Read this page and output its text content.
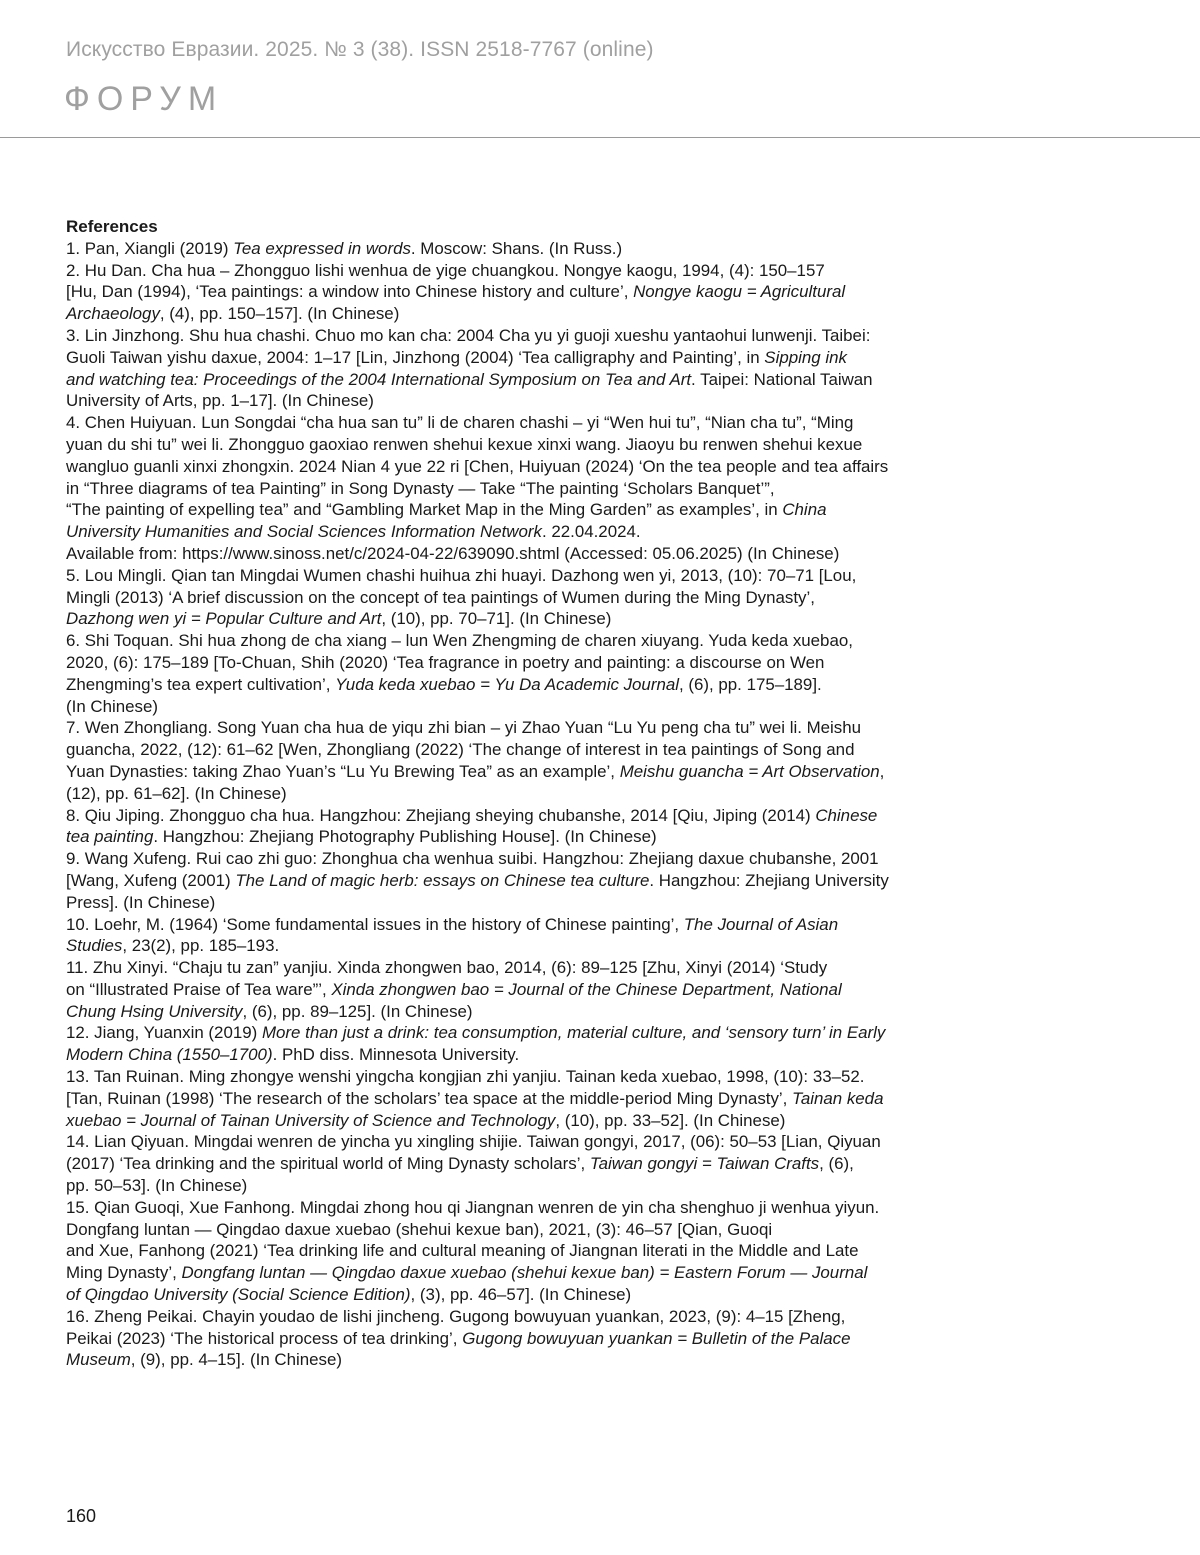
Искусство Евразии. 2025. № 3 (38). ISSN 2518-7767 (online)
ФОРУМ

References

1. Pan, Xiangli (2019) Tea expressed in words. Moscow: Shans. (In Russ.)

2. Hu Dan. Cha hua – Zhongguo lishi wenhua de yige chuangkou. Nongye kaogu, 1994, (4): 150–157
[Hu, Dan (1994), ‘Tea paintings: a window into Chinese history and culture’, Nongye kaogu = Agricultural
Archaeology, (4), pp. 150–157]. (In Chinese)

3. Lin Jinzhong. Shu hua chashi. Chuo mo kan cha: 2004 Cha yu yi guoji xueshu yantaohui lunwenji. Taibei:
Guoli Taiwan yishu daxue, 2004: 1–17 [Lin, Jinzhong (2004) ‘Tea calligraphy and Painting’, in Sipping ink
and watching tea: Proceedings of the 2004 International Symposium on Tea and Art. Taipei: National Taiwan
University of Arts, pp. 1–17]. (In Chinese)

4. Chen Huiyuan. Lun Songdai “cha hua san tu” li de charen chashi – yi “Wen hui tu”, “Nian cha tu”, “Ming
yuan du shi tu” wei li. Zhongguo gaoxiao renwen shehui kexue xinxi wang. Jiaoyu bu renwen shehui kexue
wangluo guanli xinxi zhongxin. 2024 Nian 4 yue 22 ri [Chen, Huiyuan (2024) ‘On the tea people and tea affairs
in “Three diagrams of tea Painting” in Song Dynasty — Take “The painting ‘Scholars Banquet’”,
“The painting of expelling tea” and “Gambling Market Map in the Ming Garden” as examples’, in China
University Humanities and Social Sciences Information Network. 22.04.2024.
Available from: https://www.sinoss.net/c/2024-04-22/639090.shtml (Accessed: 05.06.2025) (In Chinese)

5. Lou Mingli. Qian tan Mingdai Wumen chashi huihua zhi huayi. Dazhong wen yi, 2013, (10): 70–71 [Lou,
Mingli (2013) ‘A brief discussion on the concept of tea paintings of Wumen during the Ming Dynasty’,
Dazhong wen yi = Popular Culture and Art, (10), pp. 70–71]. (In Chinese)

6. Shi Toquan. Shi hua zhong de cha xiang – lun Wen Zhengming de charen xiuyang. Yuda keda xuebao,
2020, (6): 175–189 [To-Chuan, Shih (2020) ‘Tea fragrance in poetry and painting: a discourse on Wen
Zhengming’s tea expert cultivation’, Yuda keda xuebao = Yu Da Academic Journal, (6), pp. 175–189].
(In Chinese)

7. Wen Zhongliang. Song Yuan cha hua de yiqu zhi bian – yi Zhao Yuan “Lu Yu peng cha tu” wei li. Meishu
guancha, 2022, (12): 61–62 [Wen, Zhongliang (2022) ‘The change of interest in tea paintings of Song and
Yuan Dynasties: taking Zhao Yuan’s “Lu Yu Brewing Tea” as an example’, Meishu guancha = Art Observation,
(12), pp. 61–62]. (In Chinese)

8. Qiu Jiping. Zhongguo cha hua. Hangzhou: Zhejiang sheying chubanshe, 2014 [Qiu, Jiping (2014) Chinese
tea painting. Hangzhou: Zhejiang Photography Publishing House]. (In Chinese)

9. Wang Xufeng. Rui cao zhi guo: Zhonghua cha wenhua suibi. Hangzhou: Zhejiang daxue chubanshe, 2001
[Wang, Xufeng (2001) The Land of magic herb: essays on Chinese tea culture. Hangzhou: Zhejiang University
Press]. (In Chinese)

10. Loehr, M. (1964) ‘Some fundamental issues in the history of Chinese painting’, The Journal of Asian
Studies, 23(2), pp. 185–193.

11. Zhu Xinyi. “Chaju tu zan” yanjiu. Xinda zhongwen bao, 2014, (6): 89–125 [Zhu, Xinyi (2014) ‘Study
on “Illustrated Praise of Tea ware”’, Xinda zhongwen bao = Journal of the Chinese Department, National
Chung Hsing University, (6), pp. 89–125]. (In Chinese)

12. Jiang, Yuanxin (2019) More than just a drink: tea consumption, material culture, and ‘sensory turn’ in Early
Modern China (1550–1700). PhD diss. Minnesota University.

13. Tan Ruinan. Ming zhongye wenshi yingcha kongjian zhi yanjiu. Tainan keda xuebao, 1998, (10): 33–52.
[Tan, Ruinan (1998) ‘The research of the scholars’ tea space at the middle-period Ming Dynasty’, Tainan keda
xuebao = Journal of Tainan University of Science and Technology, (10), pp. 33–52]. (In Chinese)

14. Lian Qiyuan. Mingdai wenren de yincha yu xingling shijie. Taiwan gongyi, 2017, (06): 50–53 [Lian, Qiyuan
(2017) ‘Tea drinking and the spiritual world of Ming Dynasty scholars’, Taiwan gongyi = Taiwan Crafts, (6),
pp. 50–53]. (In Chinese)

15. Qian Guoqi, Xue Fanhong. Mingdai zhong hou qi Jiangnan wenren de yin cha shenghuo ji wenhua yiyun.
Dongfang luntan — Qingdao daxue xuebao (shehui kexue ban), 2021, (3): 46–57 [Qian, Guoqi
and Xue, Fanhong (2021) ‘Tea drinking life and cultural meaning of Jiangnan literati in the Middle and Late
Ming Dynasty’, Dongfang luntan — Qingdao daxue xuebao (shehui kexue ban) = Eastern Forum — Journal
of Qingdao University (Social Science Edition), (3), pp. 46–57]. (In Chinese)

16. Zheng Peikai. Chayin youdao de lishi jincheng. Gugong bowuyuan yuankan, 2023, (9): 4–15 [Zheng,
Peikai (2023) ‘The historical process of tea drinking’, Gugong bowuyuan yuankan = Bulletin of the Palace
Museum, (9), pp. 4–15]. (In Chinese)

160
